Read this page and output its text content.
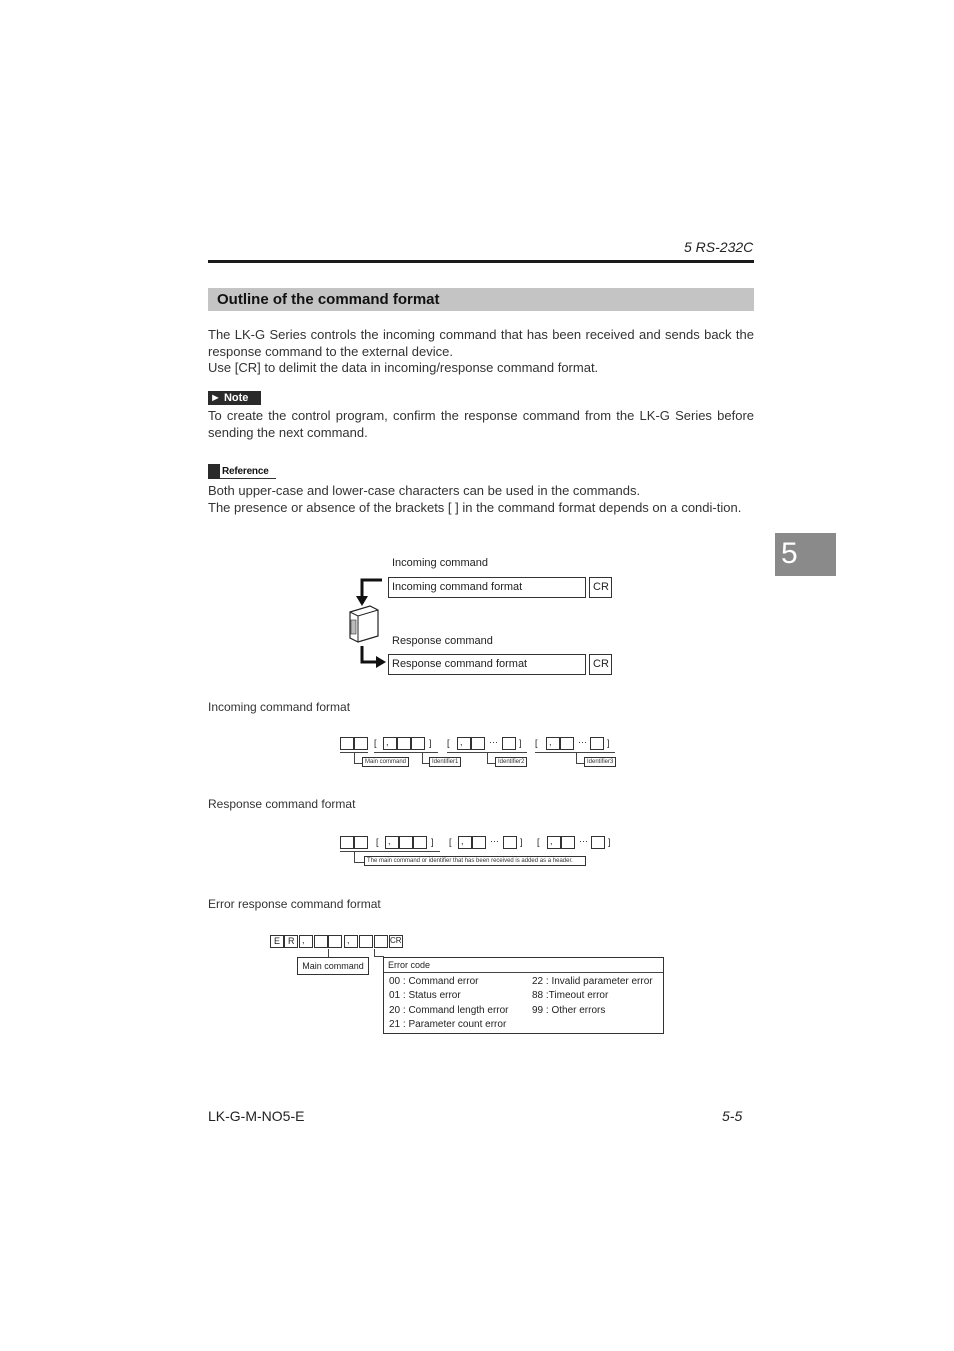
5 RS-232C
Outline of the command format
The LK-G Series controls the incoming command that has been received and sends back the response command to the external device.
Use [CR] to delimit the data in incoming/response command format.
► Note
To create the control program, confirm the response command from the LK-G Series before sending the next command.
Reference
Both upper-case and lower-case characters can be used in the commands.
The presence or absence of the brackets [ ] in the command format depends on a condi-tion.
5
Incoming command
Incoming command format	CR
Response command
Response command format	CR
Incoming command format
[ ,	] [ ,	··· ] [ ,	··· ]
Main command	Identifier1	Identifier2	Identifier3
Response command format
[ ,	] [ ,	··· ] [ ,	··· ]
The main command or identifier that has been received is added as a header.
Error response command format
E R ,	,	CR
Main command	Error code
00 : Command error
01 : Status error
20 : Command length error
21 : Parameter count error
22 : Invalid parameter error
88 :Timeout error
99 : Other errors
LK-G-M-NO5-E	5-5
